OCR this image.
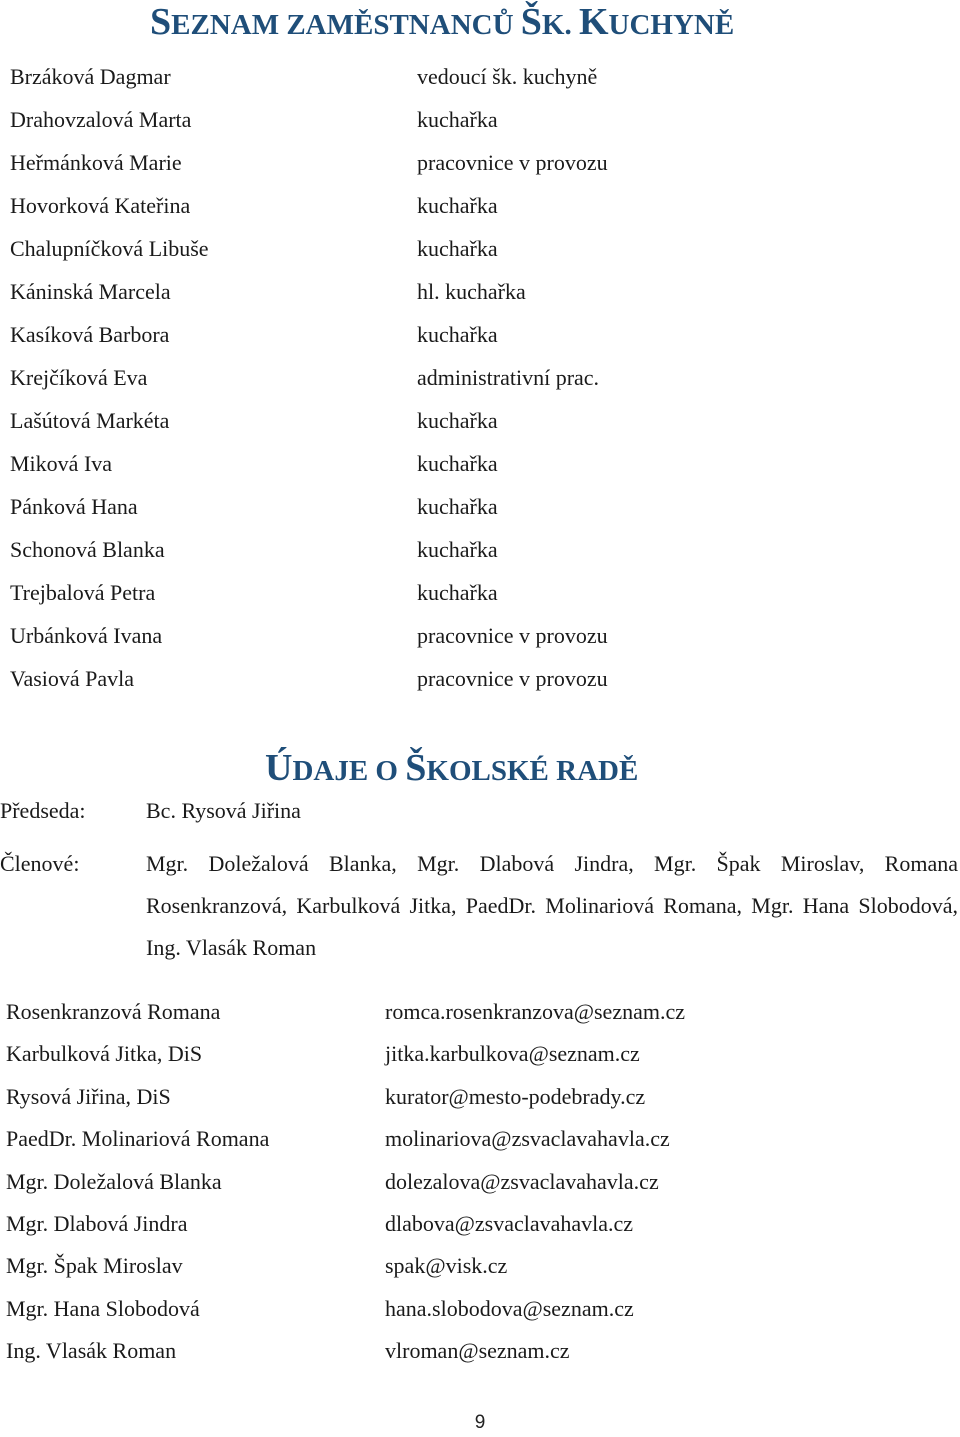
SEZNAM ZAMĚSTNANCŮ ŠK. KUCHYNĚ
Brzáková Dagmar
Drahovzalová Marta
Heřmánková Marie
Hovorková Kateřina
Chalupníčková Libuše
Káninská Marcela
Kasíková Barbora
Krejčíková Eva
Lašútová Markéta
Miková Iva
Pánková Hana
Schonová Blanka
Trejbalová Petra
Urbánková Ivana
Vasiová Pavla
vedoucí šk. kuchyně
kuchařka
pracovnice v provozu
kuchařka
kuchařka
hl. kuchařka
kuchařka
administrativní prac.
kuchařka
kuchařka
kuchařka
kuchařka
kuchařka
pracovnice v provozu
pracovnice v provozu
ÚDAJE O ŠKOLSKÉ RADĚ
Předseda:	Bc. Rysová Jiřina
Členové:	Mgr. Doležalová Blanka, Mgr. Dlabová Jindra, Mgr. Špak Miroslav, Romana Rosenkranzová, Karbulková Jitka, PaedDr. Molinariová Romana, Mgr. Hana Slobodová, Ing. Vlasák Roman

Rosenkranzová Romana
Karbulková Jitka, DiS
Rysová Jiřina, DiS
PaedDr. Molinariová Romana
Mgr. Doležalová Blanka
Mgr. Dlabová Jindra
Mgr. Špak Miroslav
Mgr. Hana Slobodová
Ing. Vlasák Roman
romca.rosenkranzova@seznam.cz
jitka.karbulkova@seznam.cz
kurator@mesto-podebrady.cz
molinariova@zsvaclavahavla.cz
dolezalova@zsvaclavahavla.cz
dlabova@zsvaclavahavla.cz
spak@visk.cz
hana.slobodova@seznam.cz
vlroman@seznam.cz
9
